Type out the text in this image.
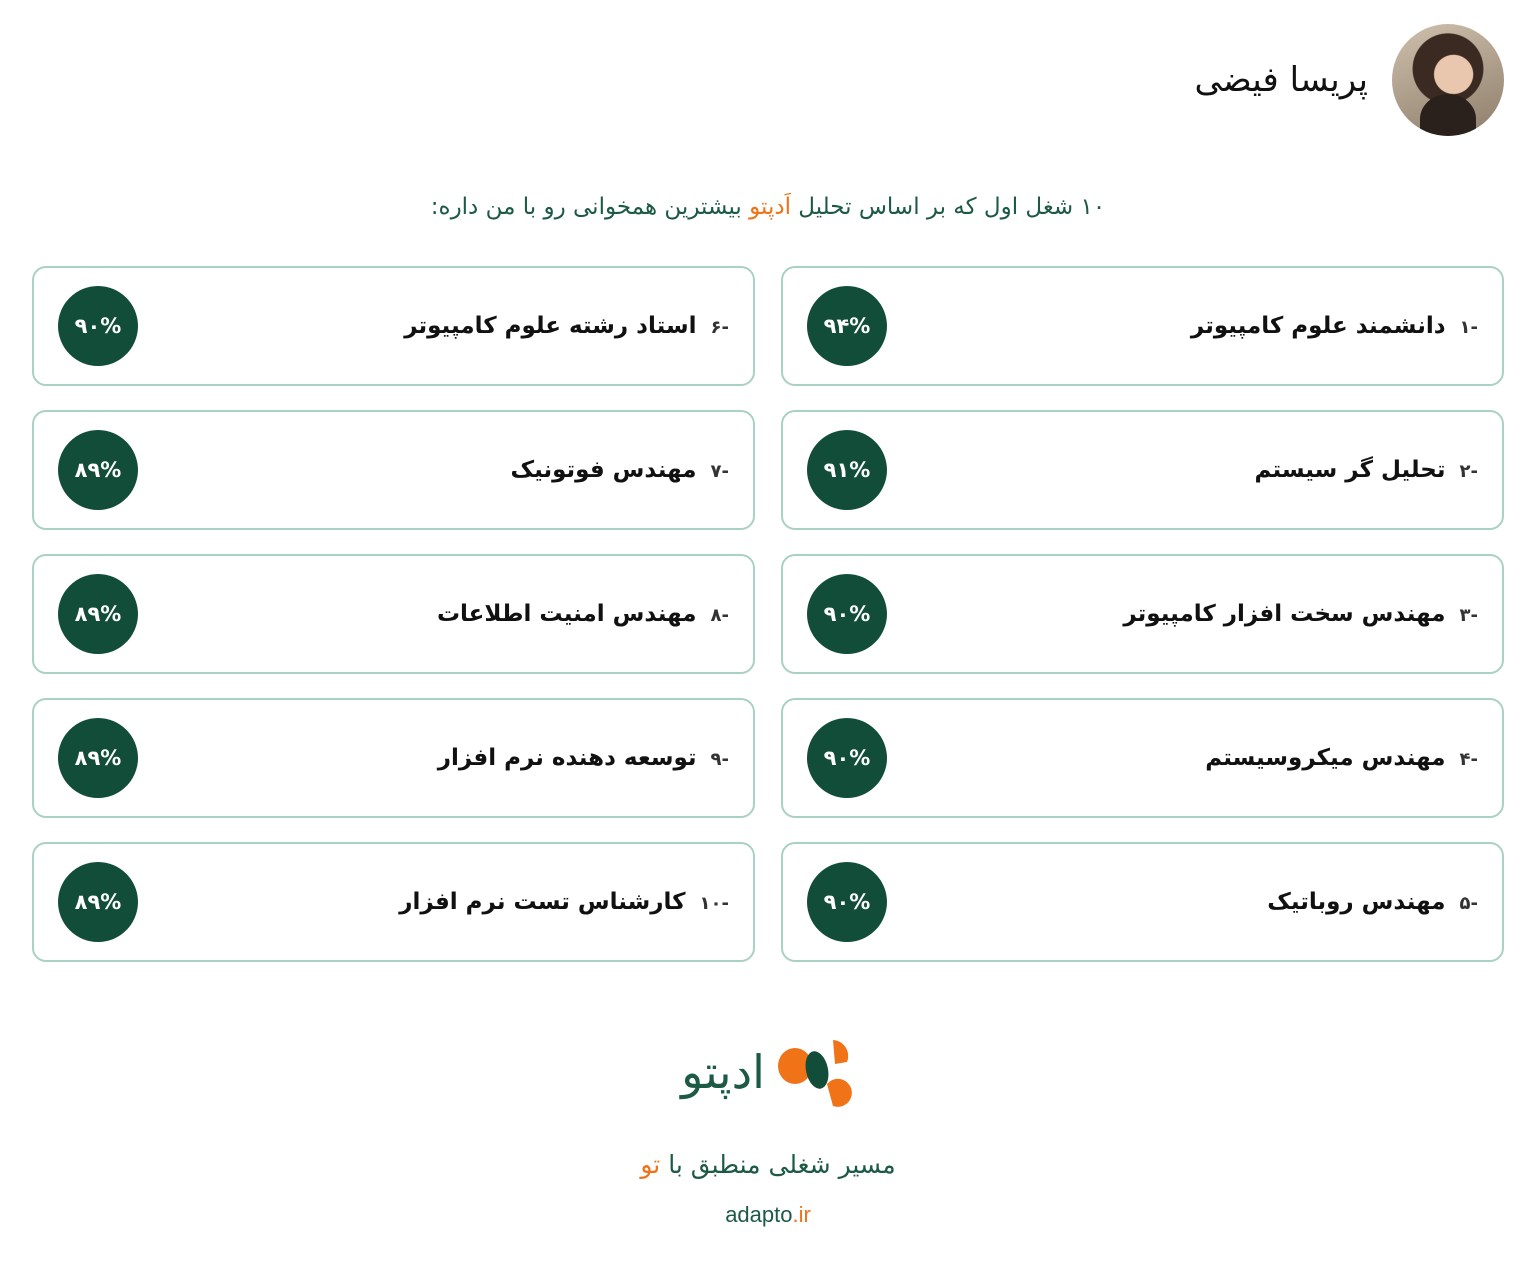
پریسا فیضی
۱۰ شغل اول که بر اساس تحلیل اَدپتو بیشترین همخوانی رو با من داره:
-۱
دانشمند علوم کامپیوتر
۹۴%
-۶
استاد رشته علوم کامپیوتر
۹۰%
-۲
تحلیل گر سیستم
۹۱%
-۷
مهندس فوتونیک
۸۹%
-۳
مهندس سخت افزار کامپیوتر
۹۰%
-۸
مهندس امنیت اطلاعات
۸۹%
-۴
مهندس میکروسیستم
۹۰%
-۹
توسعه دهنده نرم افزار
۸۹%
-۵
مهندس روباتیک
۹۰%
-۱۰
کارشناس تست نرم افزار
۸۹%
ادپتو
مسیر شغلی منطبق با تو
adapto.ir
